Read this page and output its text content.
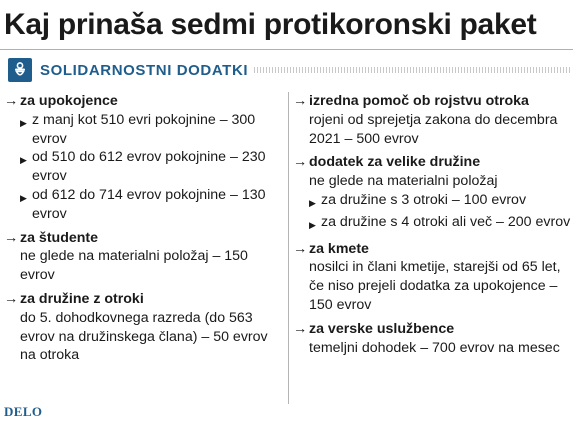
Kaj prinaša sedmi protikoronski paket
SOLIDARNOSTNI DODATKI
→ za upokojence
▶ z manj kot 510 evri pokojnine – 300 evrov
▶ od 510 do 612 evrov pokojnine – 230 evrov
▶ od 612 do 714 evrov pokojnine – 130 evrov
→ za študente
ne glede na materialni položaj – 150 evrov
→ za družine z otroki
do 5. dohodkovnega razreda (do 563 evrov na družinskega člana) – 50 evrov na otroka
→ izredna pomoč ob rojstvu otroka
rojeni od sprejetja zakona do decembra 2021 – 500 evrov
→ dodatek za velike družine
ne glede na materialni položaj
▶ za družine s 3 otroki – 100 evrov
▶ za družine s 4 otroki ali več – 200 evrov
→ za kmete
nosilci in člani kmetije, starejši od 65 let, če niso prejeli dodatka za upokojence – 150 evrov
→ za verske uslužbence
temeljni dohodek – 700 evrov na mesec
DELO
